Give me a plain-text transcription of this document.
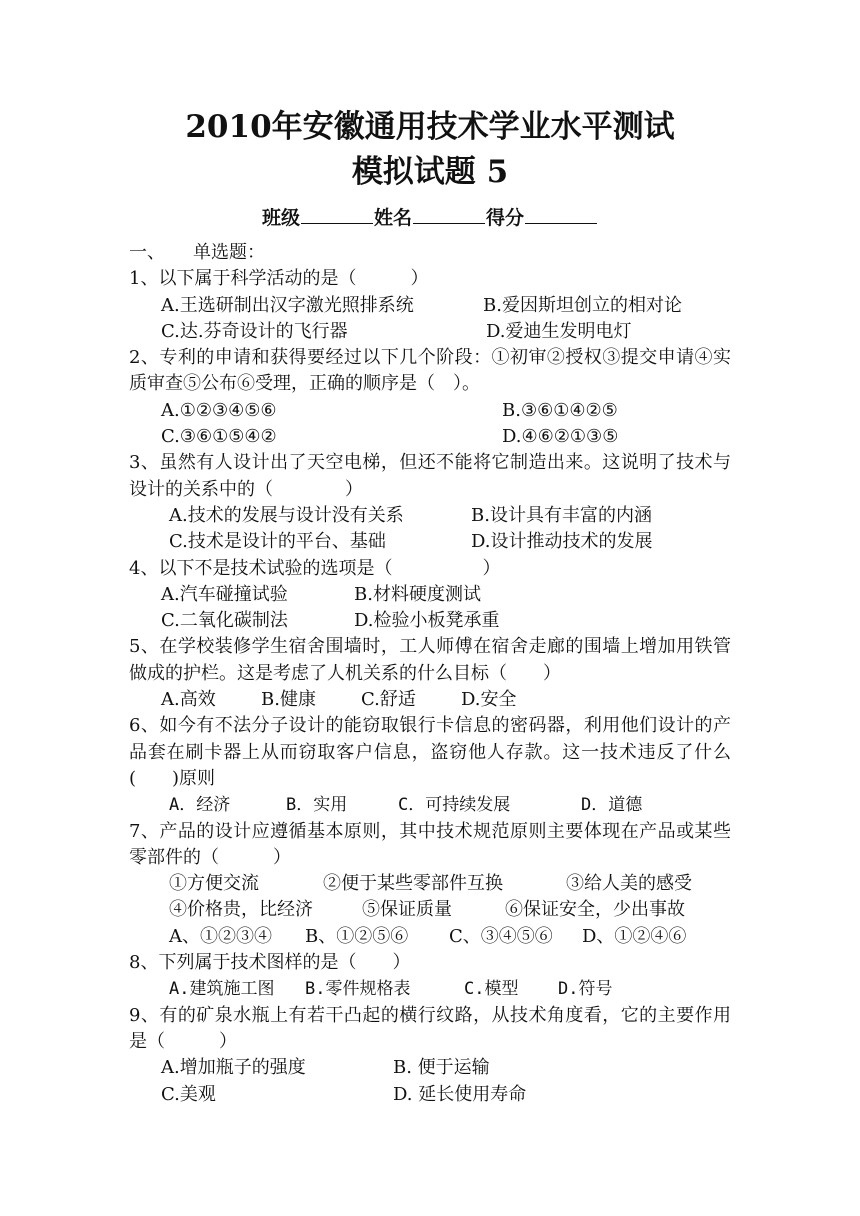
2010年安徽通用技术学业水平测试
模拟试题 5
班级	姓名	得分
一、 单选题：
1、以下属于科学活动的是（　　　）
A.王选研制出汉字激光照排系统	B.爱因斯坦创立的相对论
C.达.芬奇设计的飞行器	D.爱迪生发明电灯
2、专利的申请和获得要经过以下几个阶段：①初审②授权③提交申请④实质审查⑤公布⑥受理，正确的顺序是（　）。
A.①②③④⑤⑥	B.③⑥①④②⑤
C.③⑥①⑤④②	D.④⑥②①③⑤
3、虽然有人设计出了天空电梯，但还不能将它制造出来。这说明了技术与设计的关系中的（　　　　）
A.技术的发展与设计没有关系	B.设计具有丰富的内涵
C.技术是设计的平台、基础	D.设计推动技术的发展
4、以下不是技术试验的选项是（　　　　　）
A.汽车碰撞试验	B.材料硬度测试
C.二氧化碳制法	D.检验小板凳承重
5、在学校装修学生宿舍围墙时，工人师傅在宿舍走廊的围墙上增加用铁管做成的护栏。这是考虑了人机关系的什么目标（　　）
A.高效	B.健康	C.舒适	D.安全
6、如今有不法分子设计的能窃取银行卡信息的密码器，利用他们设计的产品套在刷卡器上从而窃取客户信息，盗窃他人存款。这一技术违反了什么(　　)原则
A．经济	B．实用	C．可持续发展	D．道德
7、产品的设计应遵循基本原则，其中技术规范原则主要体现在产品或某些零部件的（　　　）
①方便交流	②便于某些零部件互换	③给人美的感受
④价格贵，比经济	⑤保证质量	⑥保证安全，少出事故
A、①②③④ B、①②⑤⑥ C、③④⑤⑥ D、①②④⑥
8、下列属于技术图样的是（　　）
A.建筑施工图 B.零件规格表	C.模型 D.符号
9、有的矿泉水瓶上有若干凸起的横行纹路，从技术角度看，它的主要作用是（　　　）
A.增加瓶子的强度	B. 便于运输
C.美观	D. 延长使用寿命
